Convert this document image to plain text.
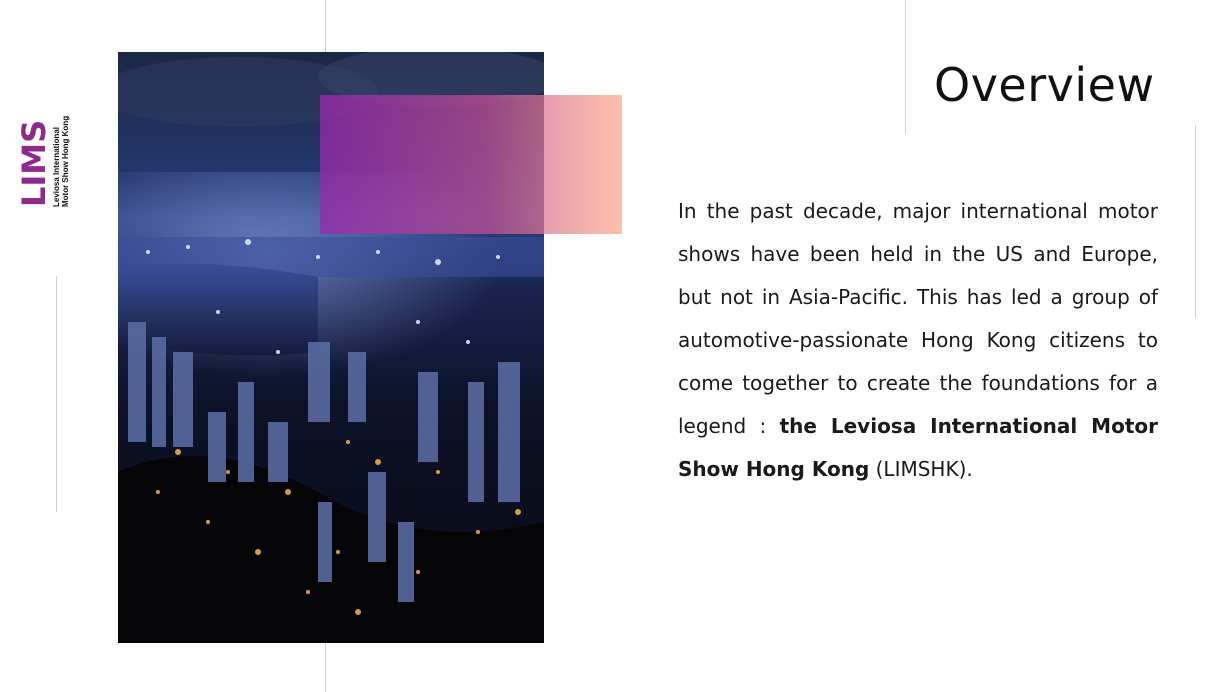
LIMS Leviosa International Motor Show Hong Kong
Overview

In the past decade, major international motor shows have been held in the US and Europe, but not in Asia-Pacific. This has led a group of automotive-passionate Hong Kong citizens to come together to create the foundations for a legend : the Leviosa International Motor Show Hong Kong (LIMSHK).
